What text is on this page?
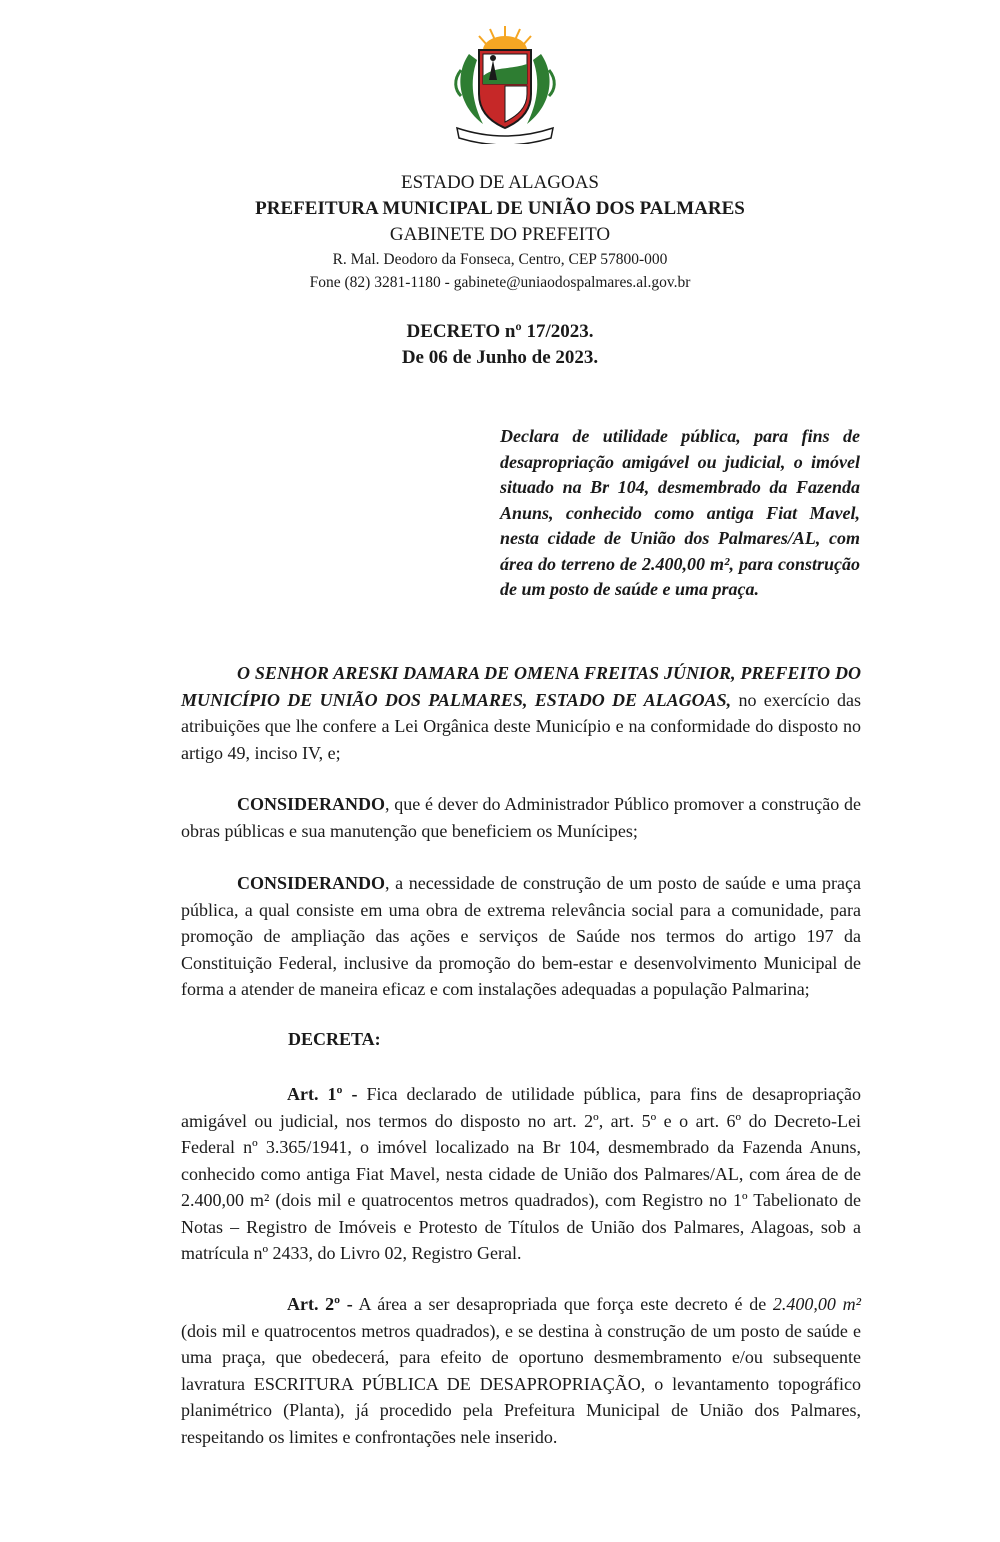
ESTADO DE ALAGOAS
PREFEITURA MUNICIPAL DE UNIÃO DOS PALMARES
GABINETE DO PREFEITO
R. Mal. Deodoro da Fonseca, Centro, CEP 57800-000
Fone (82) 3281-1180 - gabinete@uniaodospalmares.al.gov.br
DECRETO nº 17/2023.
De 06 de Junho de 2023.
Declara de utilidade pública, para fins de desapropriação amigável ou judicial, o imóvel situado na Br 104, desmembrado da Fazenda Anuns, conhecido como antiga Fiat Mavel, nesta cidade de União dos Palmares/AL, com área do terreno de 2.400,00 m², para construção de um posto de saúde e uma praça.
O SENHOR ARESKI DAMARA DE OMENA FREITAS JÚNIOR, PREFEITO DO MUNICÍPIO DE UNIÃO DOS PALMARES, ESTADO DE ALAGOAS, no exercício das atribuições que lhe confere a Lei Orgânica deste Município e na conformidade do disposto no artigo 49, inciso IV, e;
CONSIDERANDO, que é dever do Administrador Público promover a construção de obras públicas e sua manutenção que beneficiem os Munícipes;
CONSIDERANDO, a necessidade de construção de um posto de saúde e uma praça pública, a qual consiste em uma obra de extrema relevância social para a comunidade, para promoção de ampliação das ações e serviços de Saúde nos termos do artigo 197 da Constituição Federal, inclusive da promoção do bem-estar e desenvolvimento Municipal de forma a atender de maneira eficaz e com instalações adequadas a população Palmarina;
DECRETA:
Art. 1º - Fica declarado de utilidade pública, para fins de desapropriação amigável ou judicial, nos termos do disposto no art. 2º, art. 5º e o art. 6º do Decreto-Lei Federal nº 3.365/1941, o imóvel localizado na Br 104, desmembrado da Fazenda Anuns, conhecido como antiga Fiat Mavel, nesta cidade de União dos Palmares/AL, com área de de 2.400,00 m² (dois mil e quatrocentos metros quadrados), com Registro no 1º Tabelionato de Notas – Registro de Imóveis e Protesto de Títulos de União dos Palmares, Alagoas, sob a matrícula nº 2433, do Livro 02, Registro Geral.
Art. 2º - A área a ser desapropriada que força este decreto é de 2.400,00 m² (dois mil e quatrocentos metros quadrados), e se destina à construção de um posto de saúde e uma praça, que obedecerá, para efeito de oportuno desmembramento e/ou subsequente lavratura ESCRITURA PÚBLICA DE DESAPROPRIAÇÃO, o levantamento topográfico planimétrico (Planta), já procedido pela Prefeitura Municipal de União dos Palmares, respeitando os limites e confrontações nele inserido.
